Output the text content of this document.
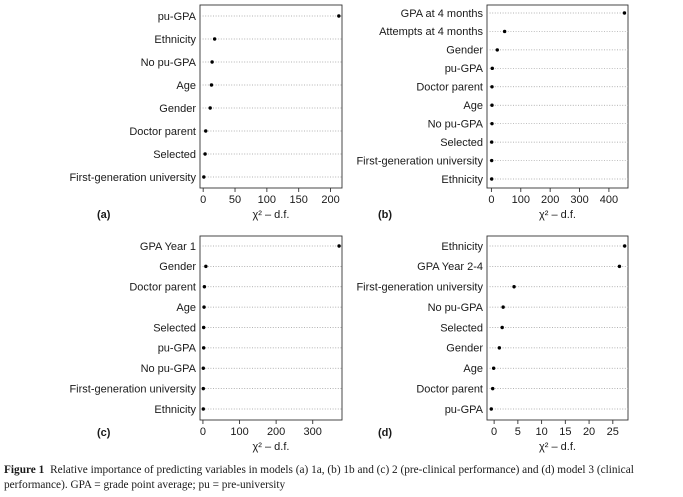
pu-GPA
Ethnicity
No pu-GPA
Age
Gender
Doctor parent
Selected
First-generation university
0 50 100 150 200
χ² – d.f.
(a)
GPA at 4 months
Attempts at 4 months
Gender
pu-GPA
Doctor parent
Age
No pu-GPA
Selected
First-generation university
Ethnicity
0 100 200 300 400
χ² – d.f.
(b)
GPA Year 1
Gender
Doctor parent
Age
Selected
pu-GPA
No pu-GPA
First-generation university
Ethnicity
0 100 200 300
χ² – d.f.
(c)
Ethnicity
GPA Year 2-4
First-generation university
No pu-GPA
Selected
Gender
Age
Doctor parent
pu-GPA
0 5 10 15 20 25
χ² – d.f.
(d)
Figure 1 Relative importance of predicting variables in models (a) 1a, (b) 1b and (c) 2 (pre-clinical performance) and (d) model 3 (clinical performance). GPA = grade point average; pu = pre-university
